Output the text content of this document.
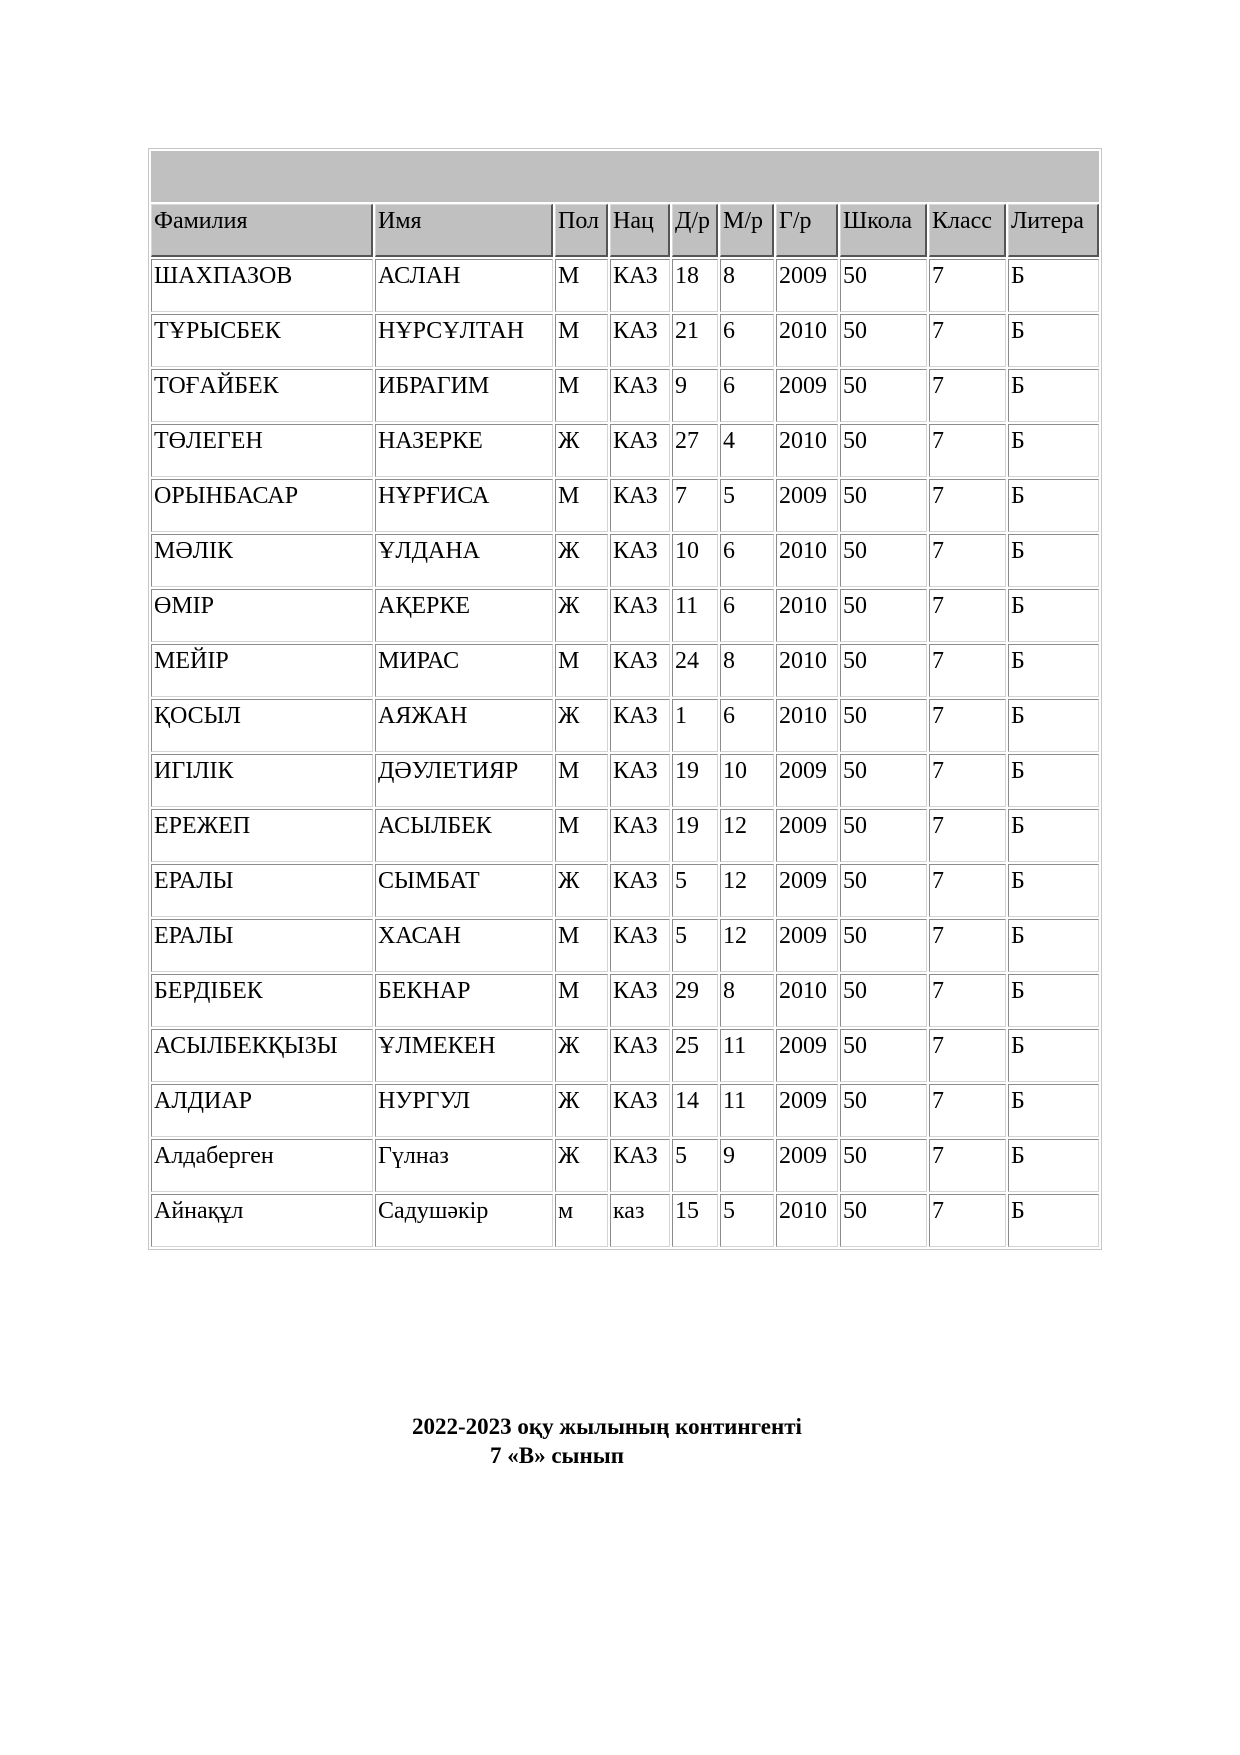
Фамилия	Имя	Пол	Нац	Д/р	М/р	Г/р	Школа	Класс	Литера
ШАХПАЗОВ	АСЛАН	М	КАЗ	18	8	2009	50	7	Б
ТҰРЫСБЕК	НҰРСҰЛТАН	М	КАЗ	21	6	2010	50	7	Б
ТОҒАЙБЕК	ИБРАГИМ	М	КАЗ	9	6	2009	50	7	Б
ТӨЛЕГЕН	НАЗЕРКЕ	Ж	КАЗ	27	4	2010	50	7	Б
ОРЫНБАСАР	НҰРҒИСА	М	КАЗ	7	5	2009	50	7	Б
МӘЛІК	ҰЛДАНА	Ж	КАЗ	10	6	2010	50	7	Б
ӨМІР	АҚЕРКЕ	Ж	КАЗ	11	6	2010	50	7	Б
МЕЙІР	МИРАС	М	КАЗ	24	8	2010	50	7	Б
ҚОСЫЛ	АЯЖАН	Ж	КАЗ	1	6	2010	50	7	Б
ИГІЛІК	ДӘУЛЕТИЯР	М	КАЗ	19	10	2009	50	7	Б
ЕРЕЖЕП	АСЫЛБЕК	М	КАЗ	19	12	2009	50	7	Б
ЕРАЛЫ	СЫМБАТ	Ж	КАЗ	5	12	2009	50	7	Б
ЕРАЛЫ	ХАСАН	М	КАЗ	5	12	2009	50	7	Б
БЕРДІБЕК	БЕКНАР	М	КАЗ	29	8	2010	50	7	Б
АСЫЛБЕКҚЫЗЫ	ҰЛМЕКЕН	Ж	КАЗ	25	11	2009	50	7	Б
АЛДИАР	НУРГУЛ	Ж	КАЗ	14	11	2009	50	7	Б
Алдаберген	Гүлназ	Ж	КАЗ	5	9	2009	50	7	Б
Айнақұл	Садушәкір	м	каз	15	5	2010	50	7	Б
2022-2023 оқу жылының контингенті
7 «В» сынып
